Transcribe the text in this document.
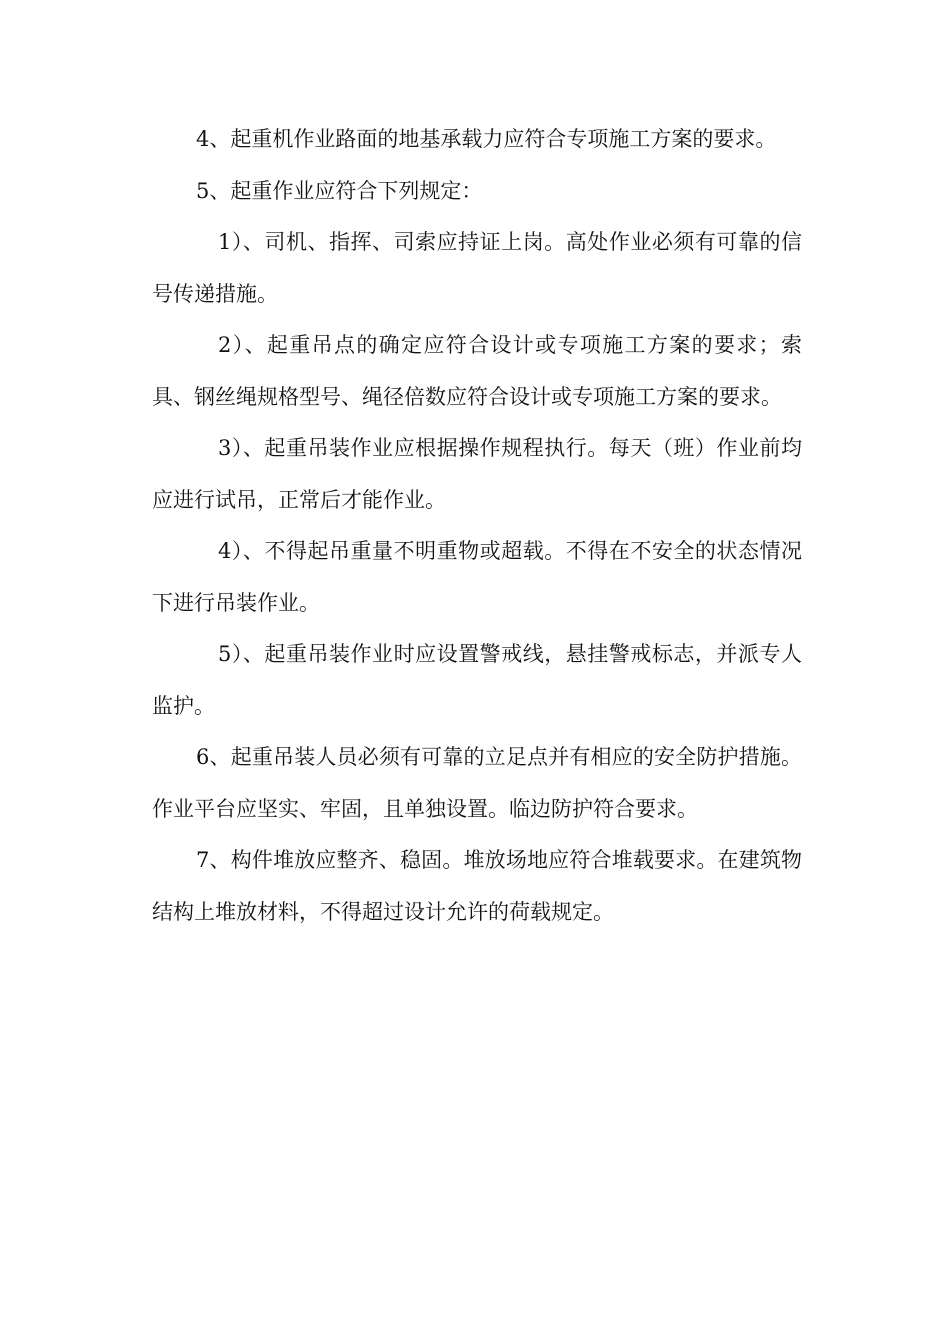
4、起重机作业路面的地基承载力应符合专项施工方案的要求。

5、起重作业应符合下列规定：

1）、司机、指挥、司索应持证上岗。高处作业必须有可靠的信号传递措施。

2）、起重吊点的确定应符合设计或专项施工方案的要求；索具、钢丝绳规格型号、绳径倍数应符合设计或专项施工方案的要求。

3）、起重吊装作业应根据操作规程执行。每天（班）作业前均应进行试吊，正常后才能作业。

4）、不得起吊重量不明重物或超载。不得在不安全的状态情况下进行吊装作业。

5）、起重吊装作业时应设置警戒线，悬挂警戒标志，并派专人监护。

6、起重吊装人员必须有可靠的立足点并有相应的安全防护措施。作业平台应坚实、牢固，且单独设置。临边防护符合要求。

7、构件堆放应整齐、稳固。堆放场地应符合堆载要求。在建筑物结构上堆放材料，不得超过设计允许的荷载规定。
